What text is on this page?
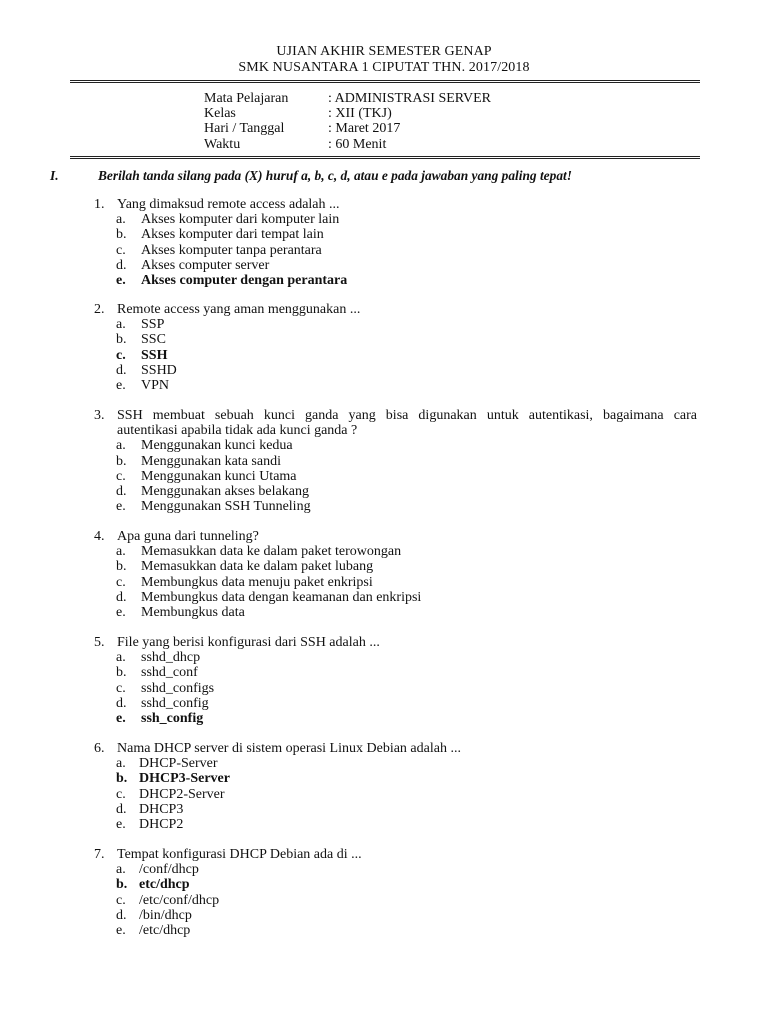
UJIAN AKHIR SEMESTER GENAP
SMK NUSANTARA 1 CIPUTAT THN. 2017/2018
Mata Pelajaran	: ADMINISTRASI SERVER
Kelas	: XII (TKJ)
Hari / Tanggal	: Maret 2017
Waktu	: 60 Menit
I.	Berilah tanda silang pada (X) huruf a, b, c, d, atau e pada jawaban yang paling tepat!
1. Yang dimaksud remote access adalah ...
a. Akses komputer dari komputer lain
b. Akses komputer dari tempat lain
c. Akses komputer tanpa perantara
d. Akses computer server
e. Akses computer dengan perantara
2. Remote access yang aman menggunakan ...
a. SSP
b. SSC
c. SSH
d. SSHD
e. VPN
3. SSH membuat sebuah kunci ganda yang bisa digunakan untuk autentikasi, bagaimana cara
autentikasi apabila tidak ada kunci ganda ?
a. Menggunakan kunci kedua
b. Menggunakan kata sandi
c. Menggunakan kunci Utama
d. Menggunakan akses belakang
e. Menggunakan SSH Tunneling
4. Apa guna dari tunneling?
a. Memasukkan data ke dalam paket terowongan
b. Memasukkan data ke dalam paket lubang
c. Membungkus data menuju paket enkripsi
d. Membungkus data dengan keamanan dan enkripsi
e. Membungkus data
5. File yang berisi konfigurasi dari SSH adalah ...
a. sshd_dhcp
b. sshd_conf
c. sshd_configs
d. sshd_config
e. ssh_config
6. Nama DHCP server di sistem operasi Linux Debian adalah ...
a. DHCP-Server
b. DHCP3-Server
c. DHCP2-Server
d. DHCP3
e. DHCP2
7. Tempat konfigurasi DHCP Debian ada di ...
a. /conf/dhcp
b. etc/dhcp
c. /etc/conf/dhcp
d. /bin/dhcp
e. /etc/dhcp
